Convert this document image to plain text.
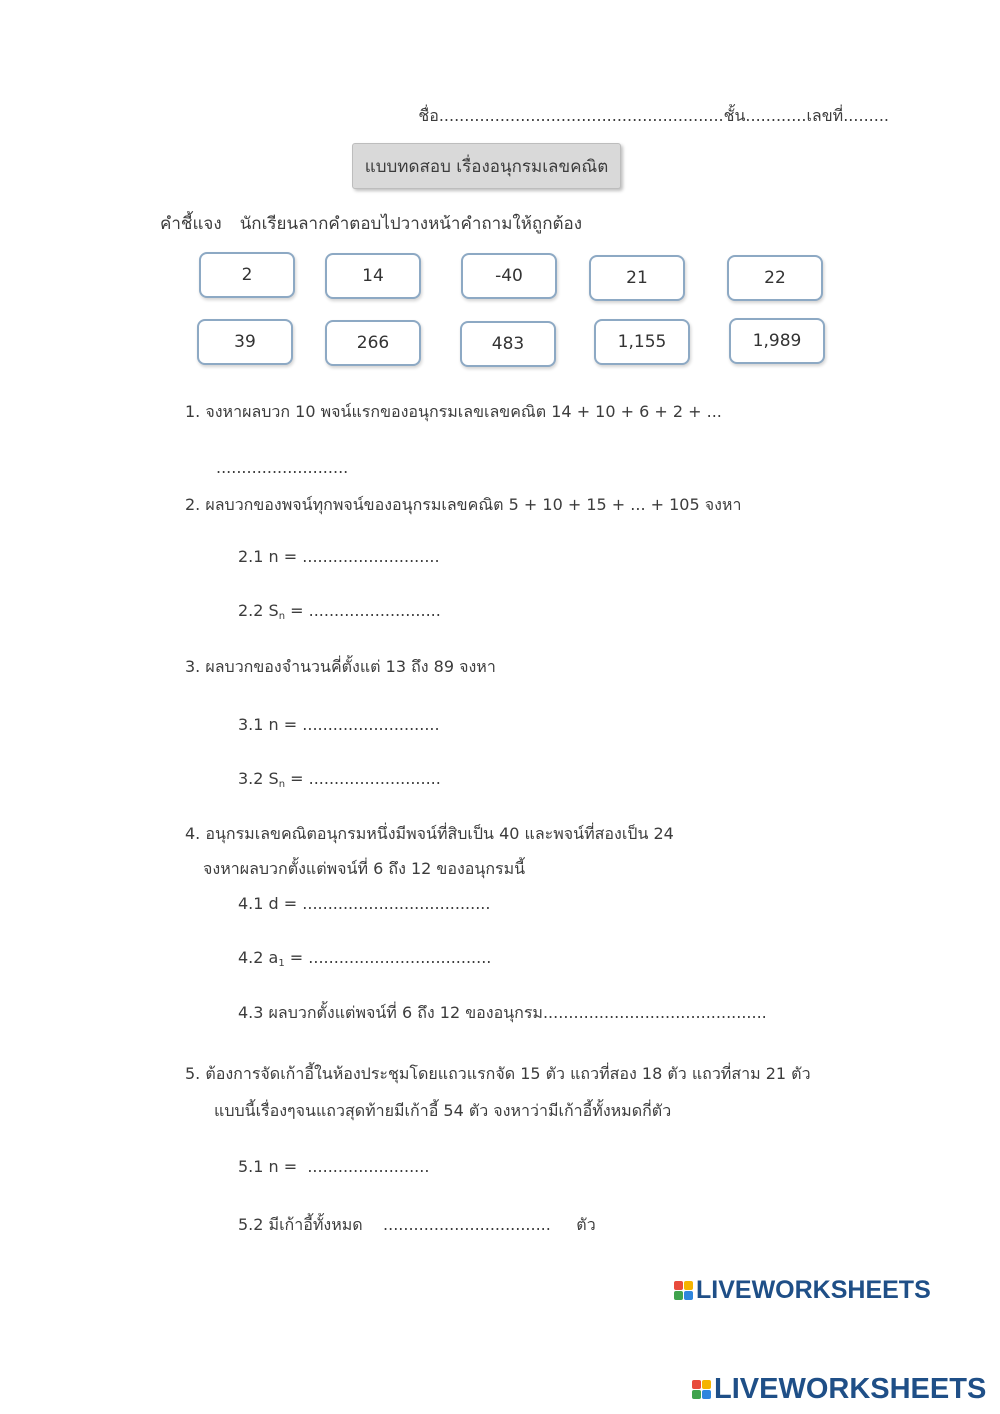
ชื่อ........................................................ชั้น............เลขที่.........
แบบทดสอบ เรื่องอนุกรมเลขคณิต
คำชี้แจง นักเรียนลากคำตอบไปวางหน้าคำถามให้ถูกต้อง
2	14	-40	21	22
39	266	483	1,155	1,989
1. จงหาผลบวก 10 พจน์แรกของอนุกรมเลขเลขคณิต 14 + 10 + 6 + 2 + ...
..........................
2. ผลบวกของพจน์ทุกพจน์ของอนุกรมเลขคณิต 5 + 10 + 15 + ... + 105 จงหา
2.1 n = ...........................
2.2 $S_n$ = ..........................
3. ผลบวกของจำนวนคี่ตั้งแต่ 13 ถึง 89 จงหา
3.1 n = ...........................
3.2 $S_n$ = ..........................
4. อนุกรมเลขคณิตอนุกรมหนึ่งมีพจน์ที่สิบเป็น 40 และพจน์ที่สองเป็น 24
จงหาผลบวกตั้งแต่พจน์ที่ 6 ถึง 12 ของอนุกรมนี้
4.1 d = .....................................
4.2 $a_1$ = ....................................
4.3 ผลบวกตั้งแต่พจน์ที่ 6 ถึง 12 ของอนุกรม............................................
5. ต้องการจัดเก้าอี้ในห้องประชุมโดยแถวแรกจัด 15 ตัว แถวที่สอง 18 ตัว แถวที่สาม 21 ตัว
แบบนี้เรื่องๆจนแถวสุดท้ายมีเก้าอี้ 54 ตัว จงหาว่ามีเก้าอี้ทั้งหมดกี่ตัว
5.1 n = ........................
5.2 มีเก้าอี้ทั้งหมด ................................. ตัว
LIVEWORKSHEETS
LIVEWORKSHEETS
